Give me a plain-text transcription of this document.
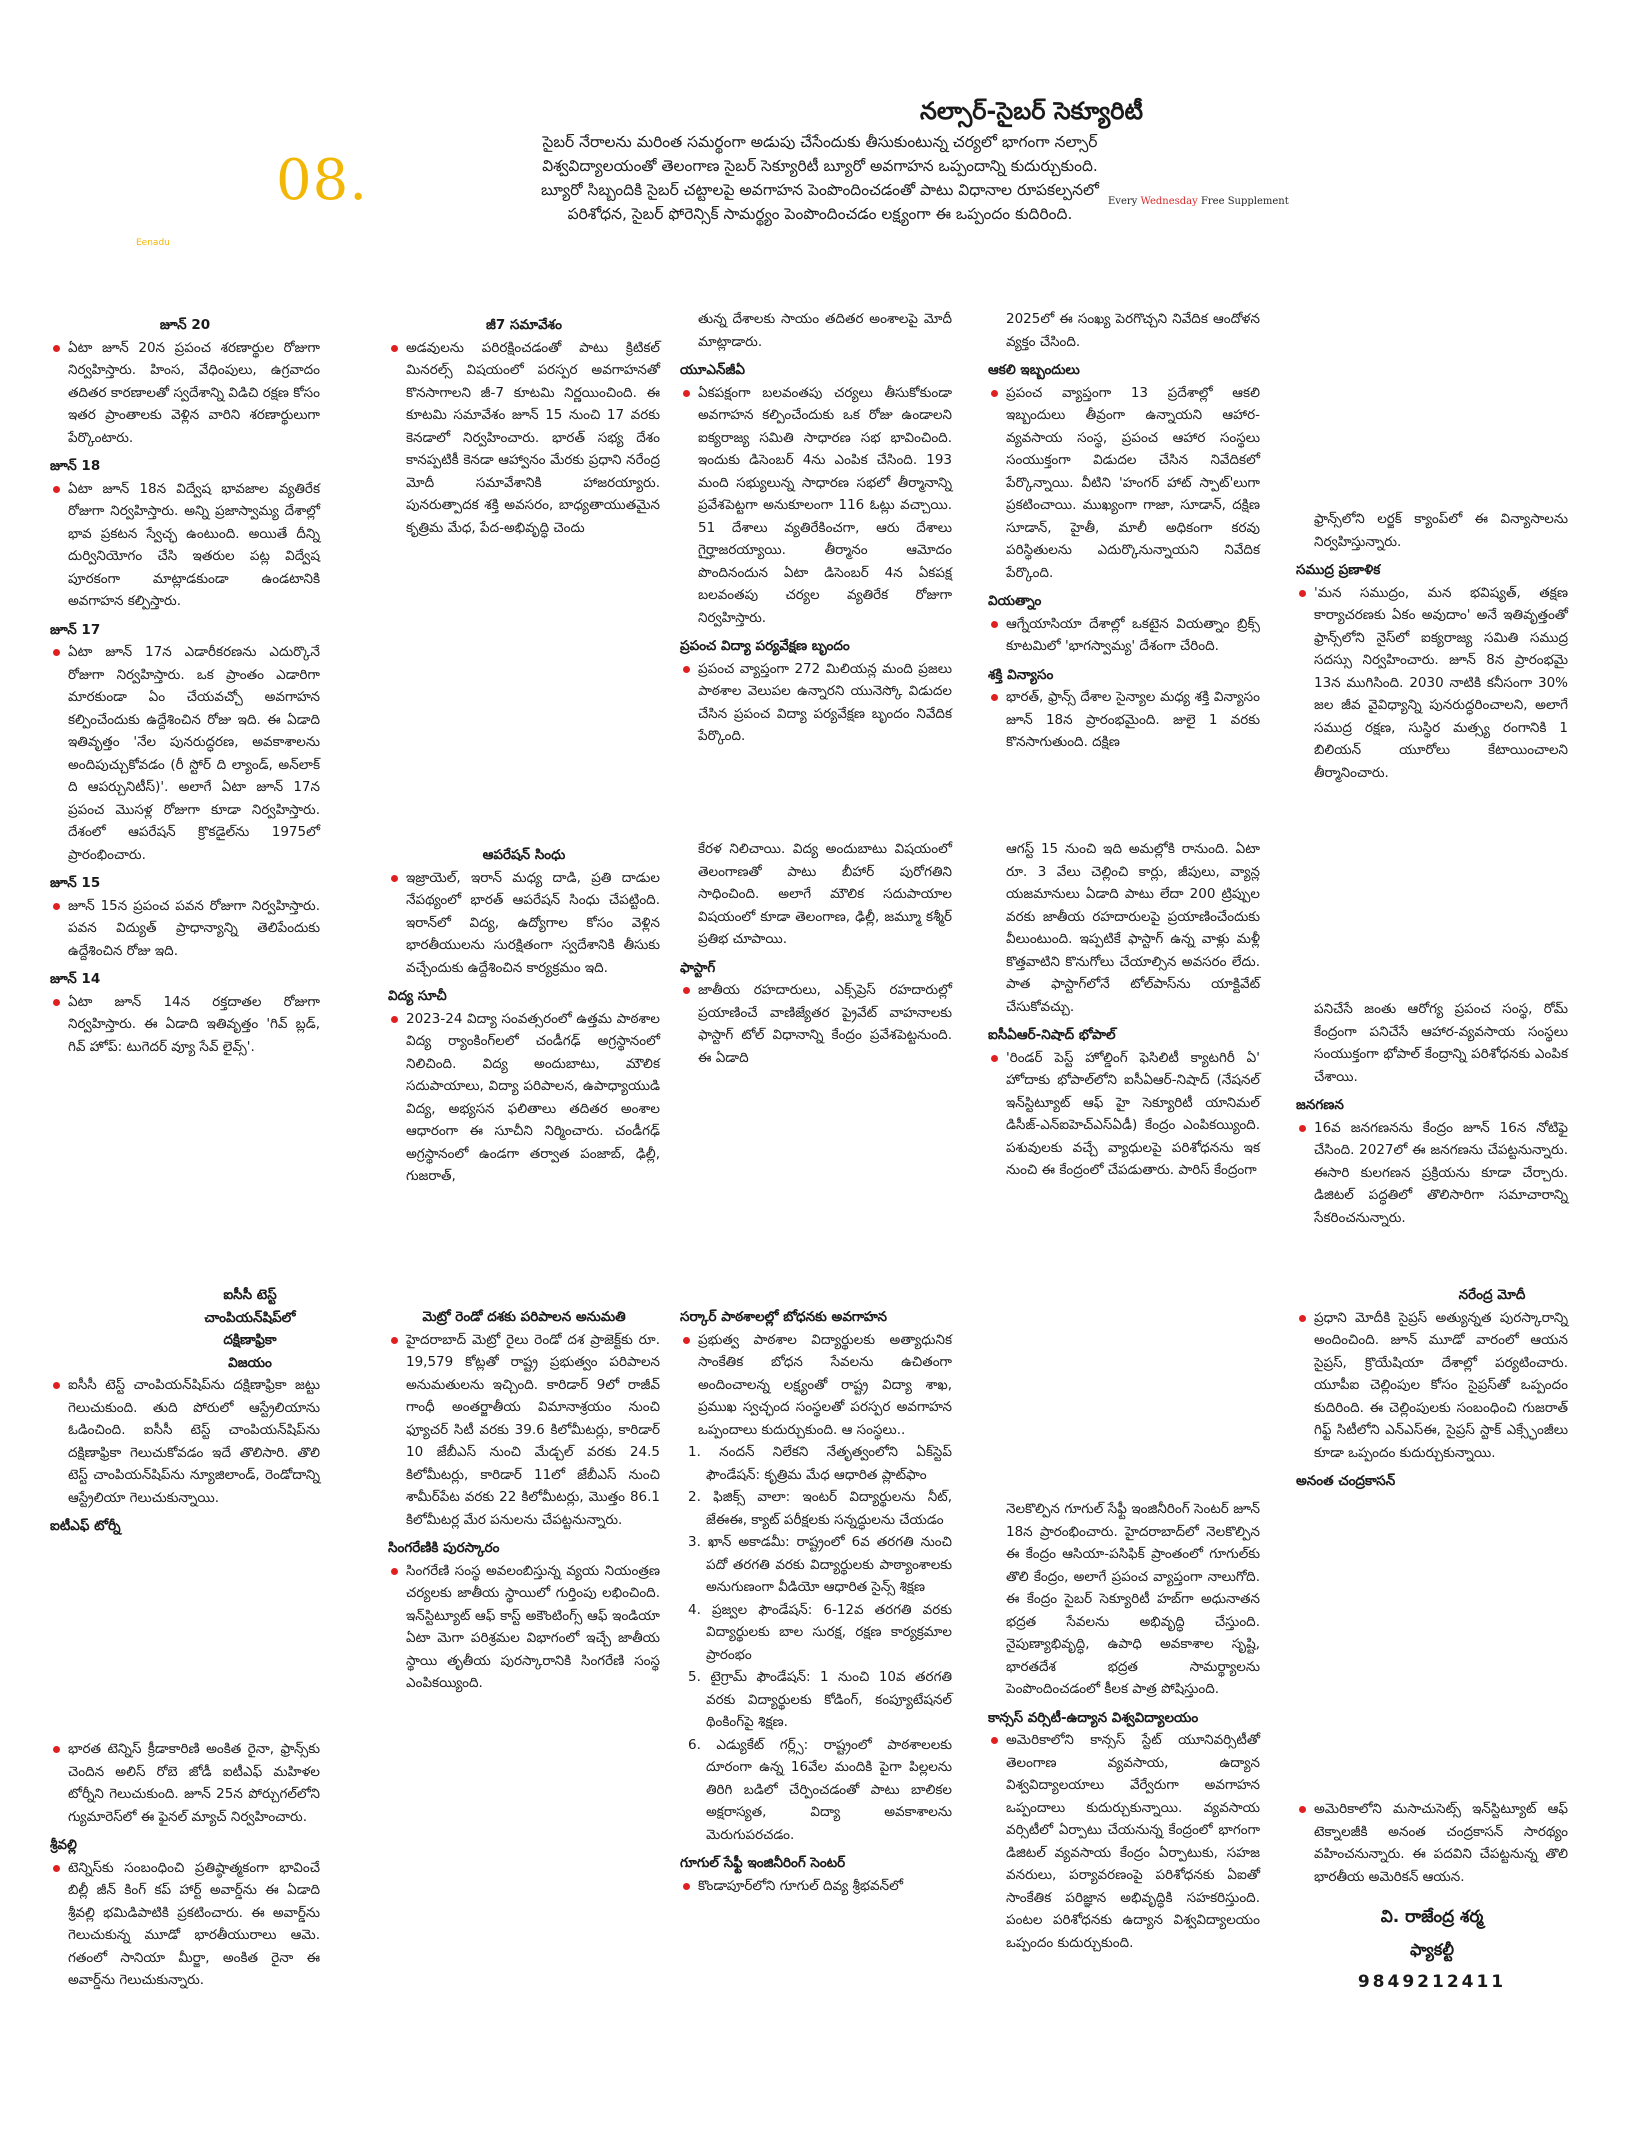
08.
Eenadu
Every Wednesday Free Supplement
నల్సార్‌-సైబర్‌ సెక్యూరిటీ
సైబర్‌ నేరాలను మరింత సమర్థంగా అడుపు చేసేందుకు తీసుకుంటున్న చర్యలో భాగంగా నల్సార్‌ విశ్వవిద్యాలయంతో తెలంగాణ సైబర్‌ సెక్యూరిటీ బ్యూరో అవగాహన ఒప్పందాన్ని కుదుర్చుకుంది. బ్యూరో సిబ్బందికి సైబర్‌ చట్టాలపై అవగాహన పెంపొందించడంతో పాటు విధానాల రూపకల్పనలో పరిశోధన, సైబర్‌ ఫోరెన్సిక్‌ సామర్థ్యం పెంపొందించడం లక్ష్యంగా ఈ ఒప్పందం కుదిరింది.
జూన్‌ 20
ఏటా జూన్‌ 20న ప్రపంచ శరణార్థుల రోజుగా నిర్వహిస్తారు. హింస, వేధింపులు, ఉగ్రవాదం తదితర కారణాలతో స్వదేశాన్ని విడిచి రక్షణ కోసం ఇతర ప్రాంతాలకు వెళ్లిన వారిని శరణార్థులుగా పేర్కొంటారు.
జూన్‌ 18
ఏటా జూన్‌ 18న విద్వేష భావజాల వ్యతిరేక రోజుగా నిర్వహిస్తారు. అన్ని ప్రజాస్వామ్య దేశాల్లో భావ ప్రకటన స్వేచ్ఛ ఉంటుంది. అయితే దీన్ని దుర్వినియోగం చేసి ఇతరుల పట్ల విద్వేష పూరకంగా మాట్లాడకుండా ఉండటానికి అవగాహన కల్పిస్తారు.
జూన్‌ 17
ఏటా జూన్‌ 17న ఎడారీకరణను ఎదుర్కొనే రోజుగా నిర్వహిస్తారు. ఒక ప్రాంతం ఎడారిగా మారకుండా ఏం చేయవచ్చో అవగాహన కల్పించేందుకు ఉద్దేశించిన రోజు ఇది. ఈ ఏడాది ఇతివృత్తం 'నేల పునరుద్ధరణ, అవకాశాలను అందిపుచ్చుకోవడం (రీ స్టోర్‌ ది ల్యాండ్‌, అన్‌లాక్‌ ది ఆపర్చునిటీస్‌)'. అలాగే ఏటా జూన్‌ 17న ప్రపంచ మొసళ్ల రోజుగా కూడా నిర్వహిస్తారు. దేశంలో ఆపరేషన్‌ క్రొకడైల్‌ను 1975లో ప్రారంభించారు.
జూన్‌ 15
జూన్‌ 15న ప్రపంచ పవన రోజుగా నిర్వహిస్తారు. పవన విద్యుత్‌ ప్రాధాన్యాన్ని తెలిపేందుకు ఉద్దేశించిన రోజు ఇది.
జూన్‌ 14
ఏటా జూన్‌ 14న రక్తదాతల రోజుగా నిర్వహిస్తారు. ఈ ఏడాది ఇతివృత్తం 'గివ్‌ బ్లడ్‌, గివ్‌ హోప్‌: టుగెదర్‌ వ్యూ సేవ్‌ లైవ్స్‌'.
జీ7 సమావేశం
అడవులను పరిరక్షించడంతో పాటు క్రిటికల్‌ మినరల్స్‌ విషయంలో పరస్పర అవగాహనతో కొనసాగాలని జీ-7 కూటమి నిర్ణయించింది. ఈ కూటమి సమావేశం జూన్‌ 15 నుంచి 17 వరకు కెనడాలో నిర్వహించారు. భారత్‌ సభ్య దేశం కానప్పటికీ కెనడా ఆహ్వానం మేరకు ప్రధాని నరేంద్ర మోదీ సమావేశానికి హాజరయ్యారు. పునరుత్పాదక శక్తి అవసరం, బాధ్యతాయుతమైన కృత్రిమ మేధ, పేద-అభివృద్ధి చెందు
తున్న దేశాలకు సాయం తదితర అంశాలపై మోదీ మాట్లాడారు.
యూఎన్‌జీఏ
ఏకపక్షంగా బలవంతపు చర్యలు తీసుకోకుండా అవగాహన కల్పించేందుకు ఒక రోజు ఉండాలని ఐక్యరాజ్య సమితి సాధారణ సభ భావించింది. ఇందుకు డిసెంబర్‌ 4ను ఎంపిక చేసింది. 193 మంది సభ్యులున్న సాధారణ సభలో తీర్మానాన్ని ప్రవేశపెట్టగా అనుకూలంగా 116 ఓట్లు వచ్చాయి. 51 దేశాలు వ్యతిరేకించగా, ఆరు దేశాలు గైర్హాజరయ్యాయి. తీర్మానం ఆమోదం పొందినందున ఏటా డిసెంబర్‌ 4న ఏకపక్ష బలవంతపు చర్యల వ్యతిరేక రోజుగా నిర్వహిస్తారు.
ప్రపంచ విద్యా పర్యవేక్షణ బృందం
ప్రపంచ వ్యాప్తంగా 272 మిలియన్ల మంది ప్రజలు పాఠశాల వెలుపల ఉన్నారని యునెస్కో విడుదల చేసిన ప్రపంచ విద్యా పర్యవేక్షణ బృందం నివేదిక పేర్కొంది.
2025లో ఈ సంఖ్య పెరగొచ్చని నివేదిక ఆందోళన వ్యక్తం చేసింది.
ఆకలి ఇబ్బందులు
ప్రపంచ వ్యాప్తంగా 13 ప్రదేశాల్లో ఆకలి ఇబ్బందులు తీవ్రంగా ఉన్నాయని ఆహార-వ్యవసాయ సంస్థ, ప్రపంచ ఆహార సంస్థలు సంయుక్తంగా విడుదల చేసిన నివేదికలో పేర్కొన్నాయి. వీటిని 'హంగర్‌ హాట్‌ స్పాట్‌'లుగా ప్రకటించాయి. ముఖ్యంగా గాజా, సూడాన్‌, దక్షిణ సూడాన్‌, హైతీ, మాలీ అధికంగా కరవు పరిస్థితులను ఎదుర్కొనున్నాయని నివేదిక పేర్కొంది.
వియత్నాం
ఆగ్నేయాసియా దేశాల్లో ఒకటైన వియత్నాం బ్రిక్స్‌ కూటమిలో 'భాగస్వామ్య' దేశంగా చేరింది.
శక్తి విన్యాసం
భారత్‌, ఫ్రాన్స్‌ దేశాల సైన్యాల మధ్య శక్తి విన్యాసం జూన్‌ 18న ప్రారంభమైంది. జులై 1 వరకు కొనసాగుతుంది. దక్షిణ
ఫ్రాన్స్‌లోని లర్జక్‌ క్యాంప్‌లో ఈ విన్యాసాలను నిర్వహిస్తున్నారు.
సముద్ర ప్రణాళిక
'మన సముద్రం, మన భవిష్యత్‌, తక్షణ కార్యాచరణకు ఏకం అవుదాం' అనే ఇతివృత్తంతో ఫ్రాన్స్‌లోని నైస్‌లో ఐక్యరాజ్య సమితి సముద్ర సదస్సు నిర్వహించారు. జూన్‌ 8న ప్రారంభమై 13న ముగిసింది. 2030 నాటికి కనీసంగా 30% జల జీవ వైవిధ్యాన్ని పునరుద్ధరించాలని, అలాగే సముద్ర రక్షణ, సుస్థిర మత్స్య రంగానికి 1 బిలియన్‌ యూరోలు కేటాయించాలని తీర్మానించారు.
ఆపరేషన్‌ సింధు
ఇజ్రాయెల్‌, ఇరాన్‌ మధ్య దాడి, ప్రతి దాడుల నేపథ్యంలో భారత్‌ ఆపరేషన్‌ సింధు చేపట్టింది. ఇరాన్‌లో విద్య, ఉద్యోగాల కోసం వెళ్లిన భారతీయులను సురక్షితంగా స్వదేశానికి తీసుకు వచ్చేందుకు ఉద్దేశించిన కార్యక్రమం ఇది.
విద్య సూచీ
2023-24 విద్యా సంవత్సరంలో ఉత్తమ పాఠశాల విద్య ర్యాంకింగ్‌లలో చండీగఢ్‌ అగ్రస్థానంలో నిలిచింది. విద్య అందుబాటు, మౌలిక సదుపాయాలు, విద్యా పరిపాలన, ఉపాధ్యాయుడి విద్య, అభ్యసన ఫలితాలు తదితర అంశాల ఆధారంగా ఈ సూచీని నిర్మించారు. చండీగఢ్‌ అగ్రస్థానంలో ఉండగా తర్వాత పంజాబ్‌, ఢిల్లీ, గుజరాత్‌,
కేరళ నిలిచాయి. విద్య అందుబాటు విషయంలో తెలంగాణతో పాటు బీహార్‌ పురోగతిని సాధించింది. అలాగే మౌలిక సదుపాయాల విషయంలో కూడా తెలంగాణ, ఢిల్లీ, జమ్మూ కశ్మీర్‌ ప్రతిభ చూపాయి.
ఫాస్టాగ్‌
జాతీయ రహదారులు, ఎక్స్‌ప్రెస్‌ రహదారుల్లో ప్రయాణించే వాణిజ్యేతర ప్రైవేట్‌ వాహనాలకు ఫాస్టాగ్‌ టోల్‌ విధానాన్ని కేంద్రం ప్రవేశపెట్టనుంది. ఈ ఏడాది
ఆగస్ట్‌ 15 నుంచి ఇది అమల్లోకి రానుంది. ఏటా రూ. 3 వేలు చెల్లించి కార్లు, జీపులు, వ్యాన్ల యజమానులు ఏడాది పాటు లేదా 200 ట్రిప్పుల వరకు జాతీయ రహదారులపై ప్రయాణించేందుకు వీలుంటుంది. ఇప్పటికే ఫాస్టాగ్‌ ఉన్న వాళ్లు మళ్లీ కొత్తవాటిని కొనుగోలు చేయాల్సిన అవసరం లేదు. పాత ఫాస్టాగ్‌లోనే టోల్‌పాస్‌ను యాక్టివేట్‌ చేసుకోవచ్చు.
ఐసీఏఆర్‌-నిషాద్‌ భోపాల్‌
'రిండర్‌ పెస్ట్‌ హోల్డింగ్‌ ఫెసిలిటీ క్యాటగిరీ ఏ' హోదాకు భోపాల్‌లోని ఐసీఏఆర్‌-నిషాద్‌ (నేషనల్‌ ఇన్‌స్టిట్యూట్‌ ఆఫ్‌ హై సెక్యూరిటీ యానిమల్‌ డిసీజ్‌-ఎన్‌ఐహెచ్‌ఎస్‌ఏడీ) కేంద్రం ఎంపికయ్యింది. పశువులకు వచ్చే వ్యాధులపై పరిశోధనను ఇక నుంచి ఈ కేంద్రంలో చేపడుతారు. పారిస్‌ కేంద్రంగా
పనిచేసే జంతు ఆరోగ్య ప్రపంచ సంస్థ, రోమ్‌ కేంద్రంగా పనిచేసే ఆహార-వ్యవసాయ సంస్థలు సంయుక్తంగా భోపాల్‌ కేంద్రాన్ని పరిశోధనకు ఎంపిక చేశాయి.
జనగణన
16వ జనగణనను కేంద్రం జూన్‌ 16న నోటిఫై చేసింది. 2027లో ఈ జనగణను చేపట్టనున్నారు. ఈసారి కులగణన ప్రక్రియను కూడా చేర్చారు. డిజిటల్‌ పద్ధతిలో తొలిసారిగా సమాచారాన్ని సేకరించనున్నారు.
ఐసీసీ టెస్ట్‌ చాంపియన్‌షిప్‌లో దక్షిణాఫ్రికా విజయం
ఐసీసీ టెస్ట్‌ చాంపియన్‌షిప్‌ను దక్షిణాఫ్రికా జట్టు గెలుచుకుంది. తుది పోరులో ఆస్ట్రేలియాను ఓడించింది. ఐసీసీ టెస్ట్‌ చాంపియన్‌షిప్‌ను దక్షిణాఫ్రికా గెలుచుకోవడం ఇదే తొలిసారి. తొలి టెస్ట్‌ చాంపియన్‌షిప్‌ను న్యూజిలాండ్‌, రెండోదాన్ని ఆస్ట్రేలియా గెలుచుకున్నాయి.
ఐటీఎఫ్‌ టోర్నీ
భారత టెన్నిస్‌ క్రీడాకారిణి అంకిత రైనా, ఫ్రాన్స్‌కు చెందిన అలిస్‌ రోబె జోడీ ఐటీఎఫ్‌ మహిళల టోర్నీని గెలుచుకుంది. జూన్‌ 25న పోర్చుగల్‌లోని గ్యుమారెస్‌లో ఈ ఫైనల్‌ మ్యాచ్‌ నిర్వహించారు.
శ్రీవల్లి
టెన్నిస్‌కు సంబంధించి ప్రతిష్ఠాత్మకంగా భావించే బిల్లీ జీన్‌ కింగ్‌ కప్‌ హార్ట్‌ అవార్డ్‌ను ఈ ఏడాది శ్రీవల్లి భమిడిపాటికి ప్రకటించారు. ఈ అవార్డ్‌ను గెలుచుకున్న మూడో భారతీయురాలు ఆమె. గతంలో సానియా మీర్జా, అంకిత రైనా ఈ అవార్డ్‌ను గెలుచుకున్నారు.
మెట్రో రెండో దశకు పరిపాలన అనుమతి
హైదరాబాద్‌ మెట్రో రైలు రెండో దశ ప్రాజెక్ట్‌కు రూ. 19,579 కోట్లతో రాష్ట్ర ప్రభుత్వం పరిపాలన అనుమతులను ఇచ్చింది. కారిడార్‌ 9లో రాజీవ్‌ గాంధీ అంతర్జాతీయ విమానాశ్రయం నుంచి ఫ్యూచర్‌ సిటీ వరకు 39.6 కిలోమీటర్లు, కారిడార్‌ 10 జేబీఎస్‌ నుంచి మేడ్చల్‌ వరకు 24.5 కిలోమీటర్లు, కారిడార్‌ 11లో జేబీఎస్‌ నుంచి శామీర్‌పేట వరకు 22 కిలోమీటర్లు, మొత్తం 86.1 కిలోమీటర్ల మేర పనులను చేపట్టనున్నారు.
సింగరేణికి పురస్కారం
సింగరేణి సంస్థ అవలంబిస్తున్న వ్యయ నియంత్రణ చర్యలకు జాతీయ స్థాయిలో గుర్తింపు లభించింది. ఇన్‌స్టిట్యూట్‌ ఆఫ్‌ కాస్ట్‌ అకౌంటింగ్స్‌ ఆఫ్‌ ఇండియా ఏటా మెగా పరిశ్రమల విభాగంలో ఇచ్చే జాతీయ స్థాయి తృతీయ పురస్కారానికి సింగరేణి సంస్థ ఎంపికయ్యింది.
సర్కార్‌ పాఠశాలల్లో బోధనకు అవగాహన
ప్రభుత్వ పాఠశాల విద్యార్థులకు అత్యాధునిక సాంకేతిక బోధన సేవలను ఉచితంగా అందించాలన్న లక్ష్యంతో రాష్ట్ర విద్యా శాఖ, ప్రముఖ స్వచ్ఛంద సంస్థలతో పరస్పర అవగాహన ఒప్పందాలు కుదుర్చుకుంది. ఆ సంస్థలు..
1. నందన్‌ నిలేకని నేతృత్వంలోని ఏక్‌స్టెప్‌ ఫౌండేషన్‌: కృత్రిమ మేధ ఆధారిత ప్లాట్‌ఫాం
2. ఫిజిక్స్‌ వాలా: ఇంటర్‌ విద్యార్థులను నీట్‌, జేఈఈ, క్యాట్‌ పరీక్షలకు సన్నద్ధులను చేయడం
3. ఖాన్‌ అకాడమీ: రాష్ట్రంలో 6వ తరగతి నుంచి పదో తరగతి వరకు విద్యార్థులకు పాఠ్యాంశాలకు అనుగుణంగా వీడియో ఆధారిత సైన్స్‌ శిక్షణ
4. ప్రజ్వల ఫౌండేషన్‌: 6-12వ తరగతి వరకు విద్యార్థులకు బాల సురక్ష, రక్షణ కార్యక్రమాల ప్రారంభం
5. టైగ్రామ్‌ ఫౌండేషన్‌: 1 నుంచి 10వ తరగతి వరకు విద్యార్థులకు కోడింగ్‌, కంప్యూటేషనల్‌ థింకింగ్‌పై శిక్షణ.
6. ఎడ్యుకేట్‌ గర్ల్స్‌: రాష్ట్రంలో పాఠశాలలకు దూరంగా ఉన్న 16వేల మందికి పైగా పిల్లలను తిరిగి బడిలో చేర్పించడంతో పాటు బాలికల అక్షరాస్యత, విద్యా అవకాశాలను మెరుగుపరచడం.
గూగుల్‌ సేఫ్టీ ఇంజినీరింగ్‌ సెంటర్‌
కొండాపూర్‌లోని గూగుల్‌ దివ్య శ్రీభవన్‌లో
నెలకొల్పిన గూగుల్‌ సేఫ్టీ ఇంజినీరింగ్‌ సెంటర్‌ జూన్‌ 18న ప్రారంభించారు. హైదరాబాద్‌లో నెలకొల్పిన ఈ కేంద్రం ఆసియా-పసిఫిక్‌ ప్రాంతంలో గూగుల్‌కు తొలి కేంద్రం, అలాగే ప్రపంచ వ్యాప్తంగా నాలుగోది. ఈ కేంద్రం సైబర్‌ సెక్యూరిటీ హబ్‌గా అధునాతన భద్రత సేవలను అభివృద్ధి చేస్తుంది. నైపుణ్యాభివృద్ధి, ఉపాధి అవకాశాల సృష్టి, భారతదేశ భద్రత సామర్థ్యాలను పెంపొందించడంలో కీలక పాత్ర పోషిస్తుంది.
కాన్సస్‌ వర్సిటీ-ఉద్యాన విశ్వవిద్యాలయం
అమెరికాలోని కాన్సస్‌ స్టేట్‌ యూనివర్సిటీతో తెలంగాణ వ్యవసాయ, ఉద్యాన విశ్వవిద్యాలయాలు వేర్వేరుగా అవగాహన ఒప్పందాలు కుదుర్చుకున్నాయి. వ్యవసాయ వర్సిటీలో ఏర్పాటు చేయనున్న కేంద్రంలో భాగంగా డిజిటల్‌ వ్యవసాయ కేంద్రం ఏర్పాటుకు, సహజ వనరులు, పర్యావరణంపై పరిశోధనకు ఏఐతో సాంకేతిక పరిజ్ఞాన అభివృద్ధికి సహకరిస్తుంది. పంటల పరిశోధనకు ఉద్యాన విశ్వవిద్యాలయం ఒప్పందం కుదుర్చుకుంది.
నరేంద్ర మోదీ
ప్రధాని మోదీకి సైప్రస్‌ అత్యున్నత పురస్కారాన్ని అందించింది. జూన్‌ మూడో వారంలో ఆయన సైప్రస్‌, క్రొయేషియా దేశాల్లో పర్యటించారు. యూపీఐ చెల్లింపుల కోసం సైప్రస్‌తో ఒప్పందం కుదిరింది. ఈ చెల్లింపులకు సంబంధించి గుజరాత్‌ గిఫ్ట్‌ సిటీలోని ఎన్‌ఎస్‌ఈ, సైప్రస్‌ స్టాక్‌ ఎక్స్ఛేంజీలు కూడా ఒప్పందం కుదుర్చుకున్నాయి.
అనంత చంద్రకాసన్‌
అమెరికాలోని మసాచుసెట్స్‌ ఇన్‌స్టిట్యూట్‌ ఆఫ్‌ టెక్నాలజీకి అనంత చంద్రకాసన్‌ సారథ్యం వహించనున్నారు. ఈ పదవిని చేపట్టనున్న తొలి భారతీయ అమెరికన్‌ ఆయన.
వి. రాజేంద్ర శర్మ
ఫ్యాకల్టీ
9849212411
